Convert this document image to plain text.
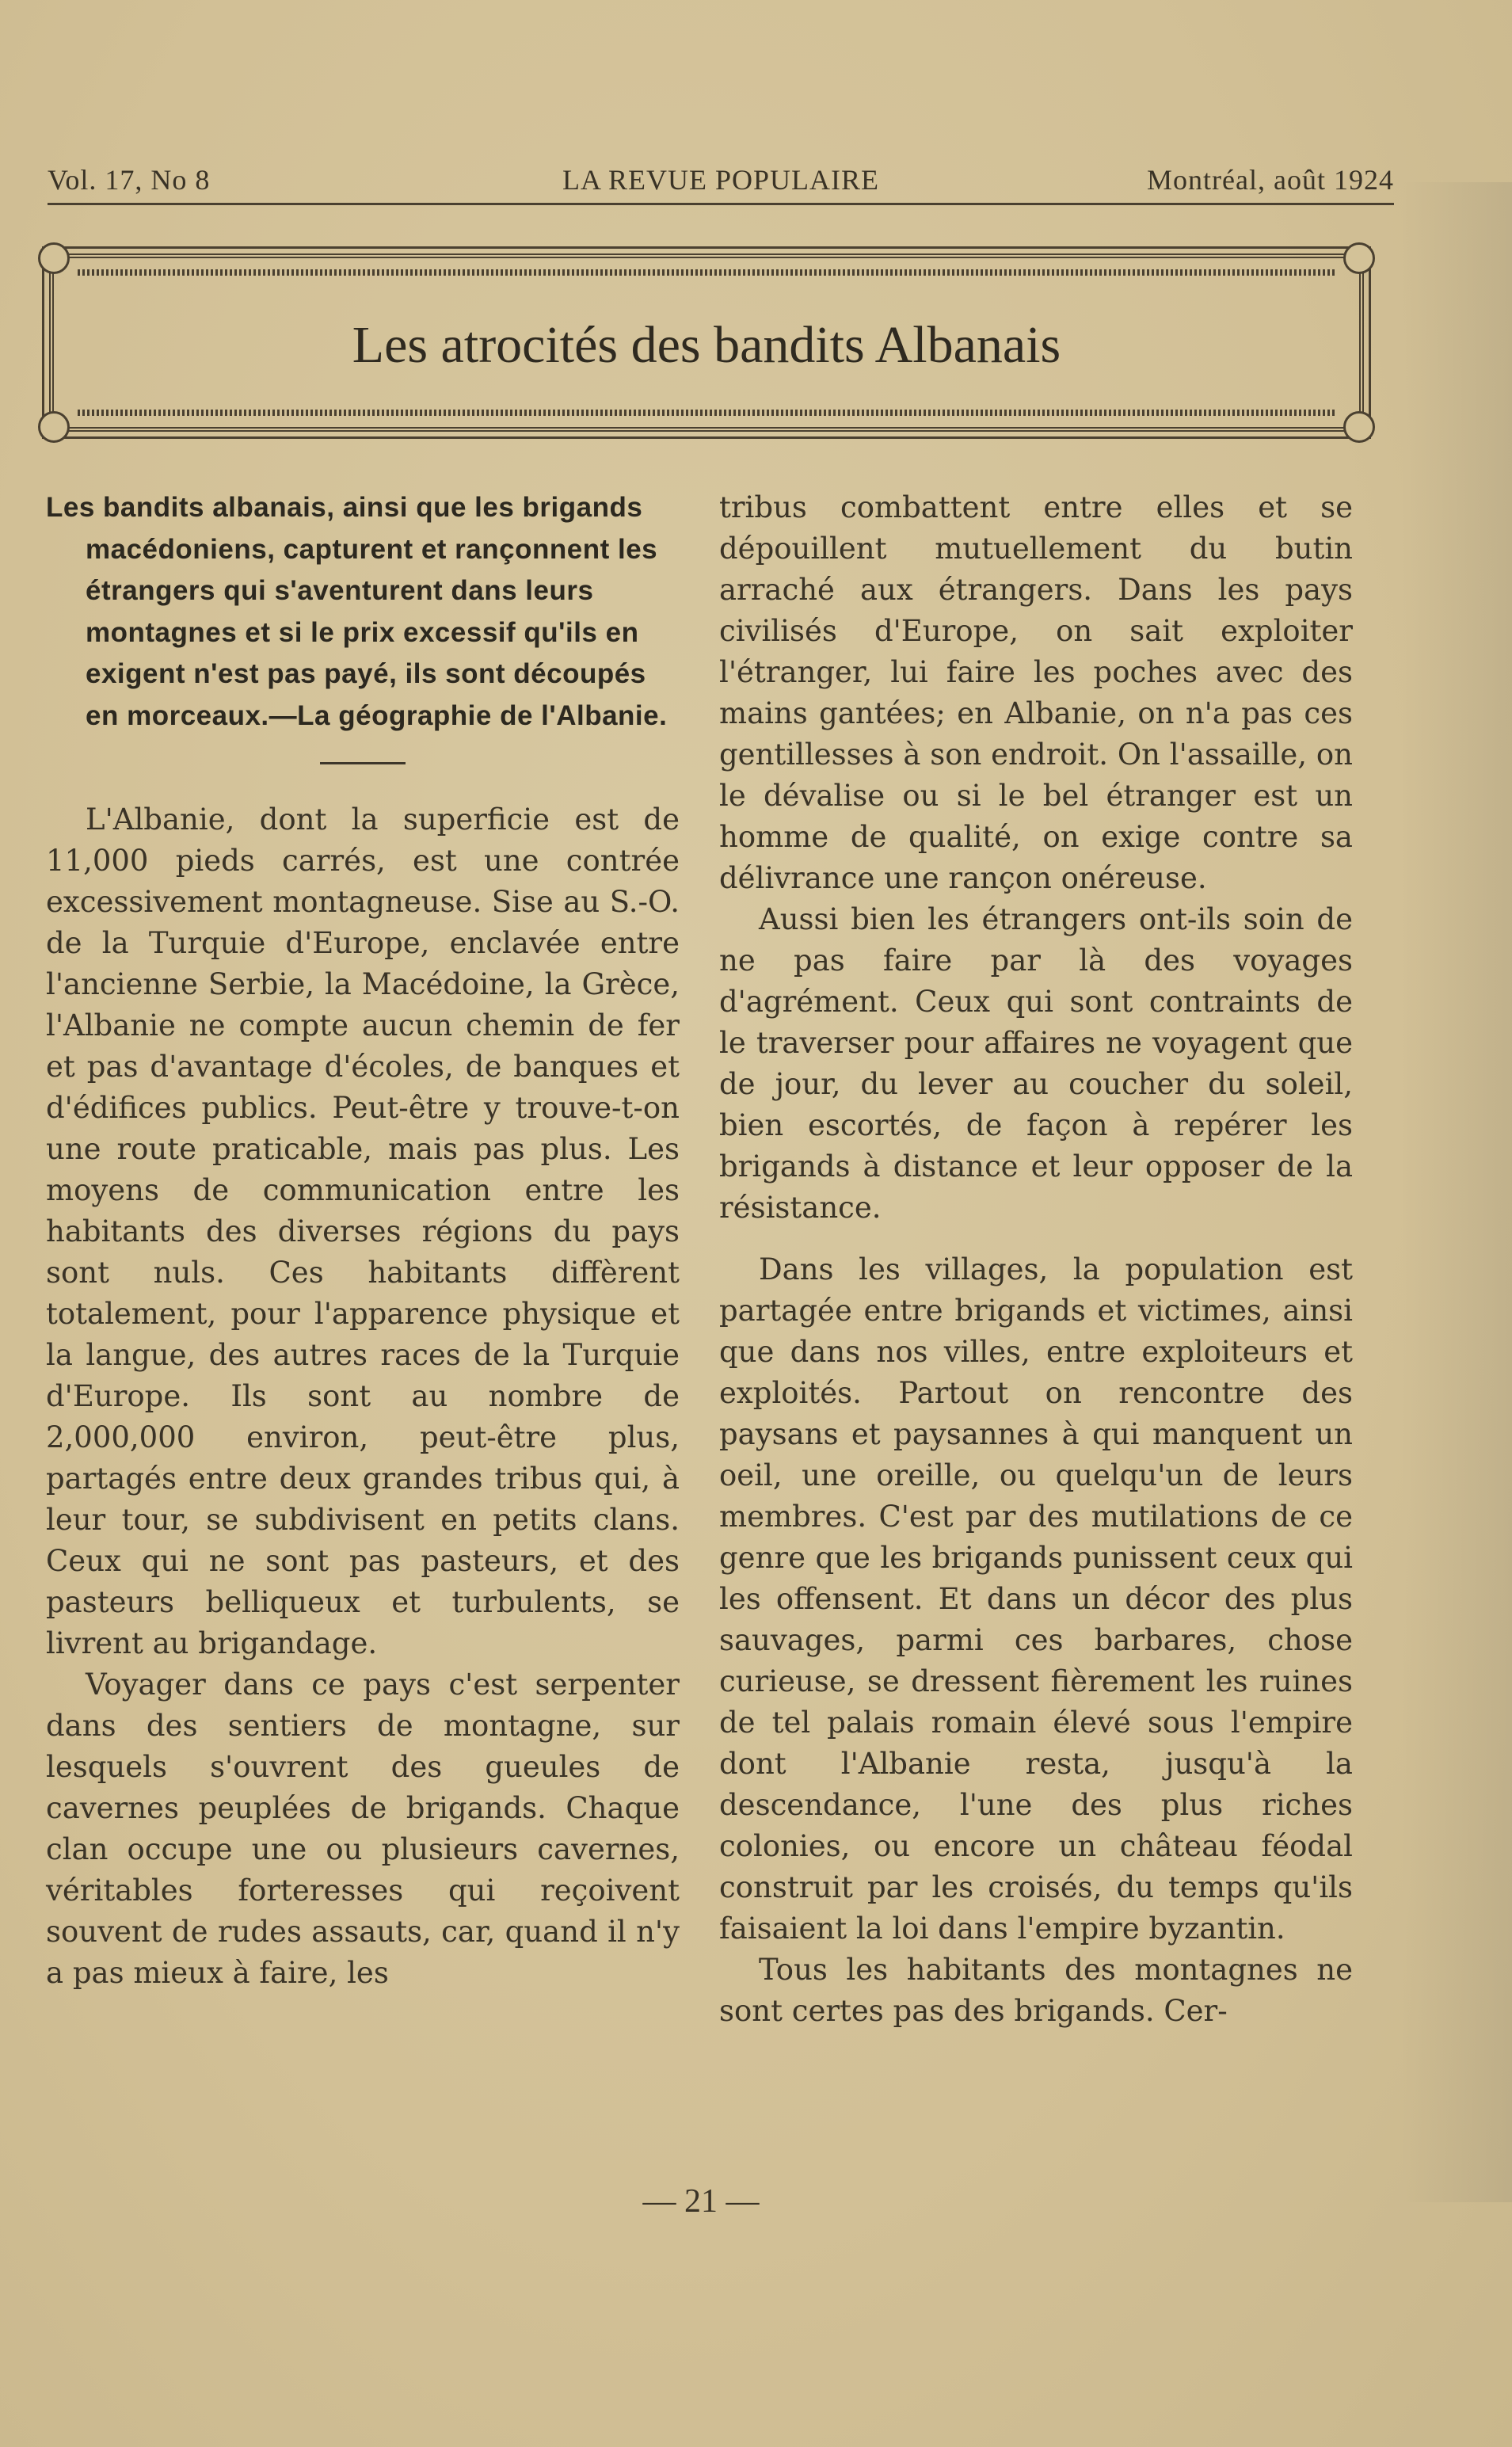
Vol. 17, No 8	LA REVUE POPULAIRE	Montréal, août 1924
Les atrocités des bandits Albanais

Les bandits albanais, ainsi que les brigands macédoniens, capturent et rançonnent les étrangers qui s'aventurent dans leurs montagnes et si le prix excessif qu'ils en exigent n'est pas payé, ils sont découpés en morceaux.—La géographie de l'Albanie.

L'Albanie, dont la superficie est de 11,000 pieds carrés, est une contrée excessivement montagneuse. Sise au S.-O. de la Turquie d'Europe, enclavée entre l'ancienne Serbie, la Macédoine, la Grèce, l'Albanie ne compte aucun chemin de fer et pas d'avantage d'écoles, de banques et d'édifices publics. Peut-être y trouve-t-on une route praticable, mais pas plus. Les moyens de communication entre les habitants des diverses régions du pays sont nuls. Ces habitants diffèrent totalement, pour l'apparence physique et la langue, des autres races de la Turquie d'Europe. Ils sont au nombre de 2,000,000 environ, peut-être plus, partagés entre deux grandes tribus qui, à leur tour, se subdivisent en petits clans. Ceux qui ne sont pas pasteurs, et des pasteurs belliqueux et turbulents, se livrent au brigandage.

Voyager dans ce pays c'est serpenter dans des sentiers de montagne, sur lesquels s'ouvrent des gueules de cavernes peuplées de brigands. Chaque clan occupe une ou plusieurs cavernes, véritables forteresses qui reçoivent souvent de rudes assauts, car, quand il n'y a pas mieux à faire, les

tribus combattent entre elles et se dépouillent mutuellement du butin arraché aux étrangers. Dans les pays civilisés d'Europe, on sait exploiter l'étranger, lui faire les poches avec des mains gantées; en Albanie, on n'a pas ces gentillesses à son endroit. On l'assaille, on le dévalise ou si le bel étranger est un homme de qualité, on exige contre sa délivrance une rançon onéreuse.

Aussi bien les étrangers ont-ils soin de ne pas faire par là des voyages d'agrément. Ceux qui sont contraints de le traverser pour affaires ne voyagent que de jour, du lever au coucher du soleil, bien escortés, de façon à repérer les brigands à distance et leur opposer de la résistance.

Dans les villages, la population est partagée entre brigands et victimes, ainsi que dans nos villes, entre exploiteurs et exploités. Partout on rencontre des paysans et paysannes à qui manquent un oeil, une oreille, ou quelqu'un de leurs membres. C'est par des mutilations de ce genre que les brigands punissent ceux qui les offensent. Et dans un décor des plus sauvages, parmi ces barbares, chose curieuse, se dressent fièrement les ruines de tel palais romain élevé sous l'empire dont l'Albanie resta, jusqu'à la descendance, l'une des plus riches colonies, ou encore un château féodal construit par les croisés, du temps qu'ils faisaient la loi dans l'empire byzantin.

Tous les habitants des montagnes ne sont certes pas des brigands. Cer-

— 21 —
